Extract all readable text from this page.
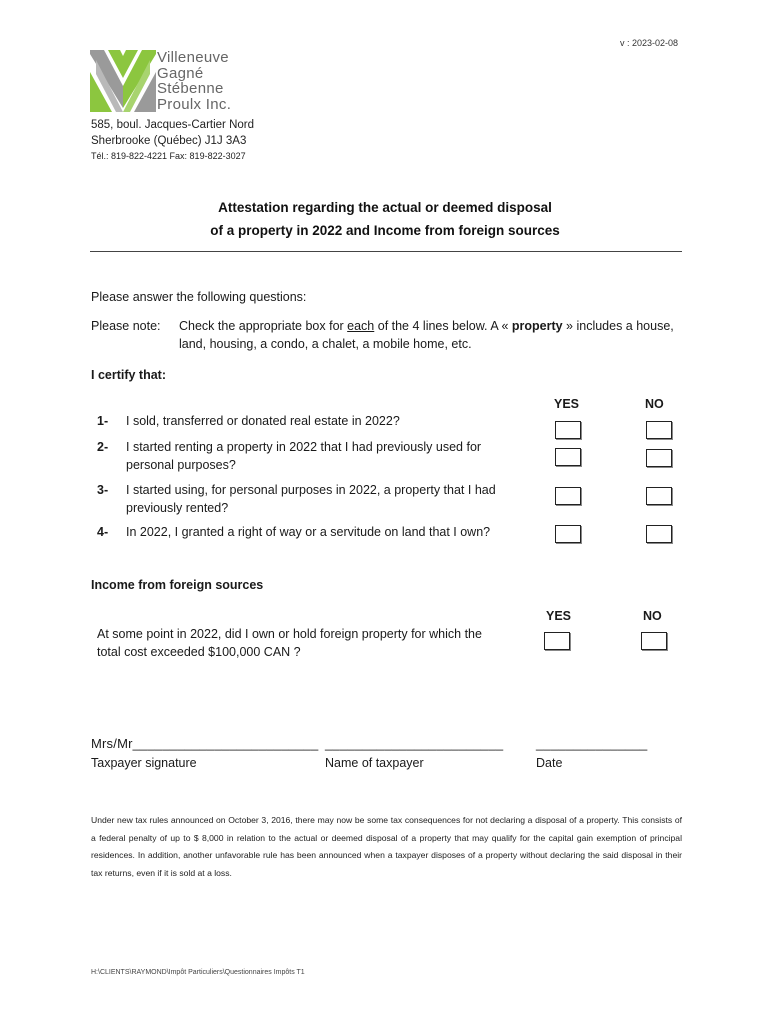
v : 2023-02-08
Villeneuve
Gagné
Stébenne
Proulx Inc.
585, boul. Jacques-Cartier Nord
Sherbrooke (Québec) J1J 3A3
Tél.: 819-822-4221 Fax: 819-822-3027
Attestation regarding the actual or deemed disposal
of a property in 2022 and Income from foreign sources
Please answer the following questions:
Please note: Check the appropriate box for each of the 4 lines below. A « property » includes a house, land, housing, a condo, a chalet, a mobile home, etc.
I certify that:
YES	NO
1- I sold, transferred or donated real estate in 2022?
2- I started renting a property in 2022 that I had previously used for personal purposes?
3- I started using, for personal purposes in 2022, a property that I had previously rented?
4- In 2022, I granted a right of way or a servitude on land that I own?
Income from foreign sources
YES	NO
At some point in 2022, did I own or hold foreign property for which the total cost exceeded $100,000 CAN ?
Mrs/Mr_________________________ ________________________	_______________
Taxpayer signature	Name of taxpayer	Date
Under new tax rules announced on October 3, 2016, there may now be some tax consequences for not declaring a disposal of a property. This consists of a federal penalty of up to $ 8,000 in relation to the actual or deemed disposal of a property that may qualify for the capital gain exemption of principal residences. In addition, another unfavorable rule has been announced when a taxpayer disposes of a property without declaring the said disposal in their tax returns, even if it is sold at a loss.
H:\CLIENTS\RAYMOND\Impôt Particuliers\Questionnaires Impôts T1
